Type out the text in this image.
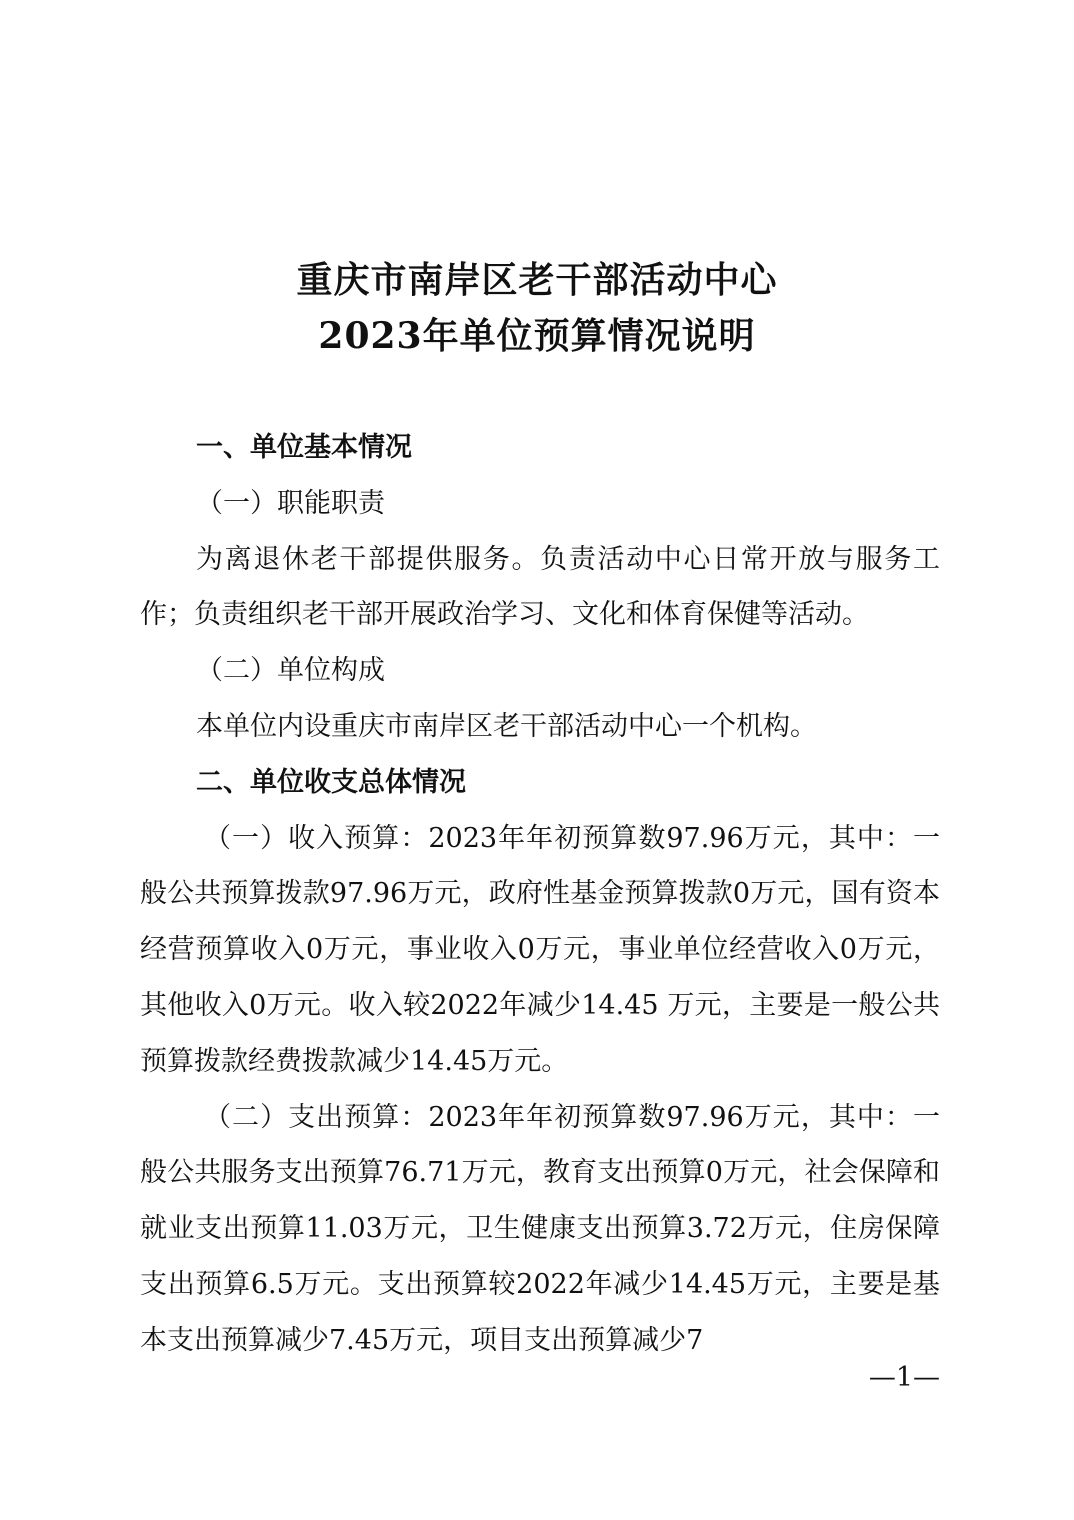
重庆市南岸区老干部活动中心
2023年单位预算情况说明

一、单位基本情况

（一）职能职责

为离退休老干部提供服务。负责活动中心日常开放与服务工作；负责组织老干部开展政治学习、文化和体育保健等活动。

（二）单位构成

本单位内设重庆市南岸区老干部活动中心一个机构。

二、单位收支总体情况

（一）收入预算：2023年年初预算数97.96万元，其中：一般公共预算拨款97.96万元，政府性基金预算拨款0万元，国有资本经营预算收入0万元，事业收入0万元，事业单位经营收入0万元，其他收入0万元。收入较2022年减少14.45 万元，主要是一般公共预算拨款经费拨款减少14.45万元。

（二）支出预算：2023年年初预算数97.96万元，其中：一般公共服务支出预算76.71万元，教育支出预算0万元，社会保障和就业支出预算11.03万元，卫生健康支出预算3.72万元，住房保障支出预算6.5万元。支出预算较2022年减少14.45万元，主要是基本支出预算减少7.45万元，项目支出预算减少7

—1—
